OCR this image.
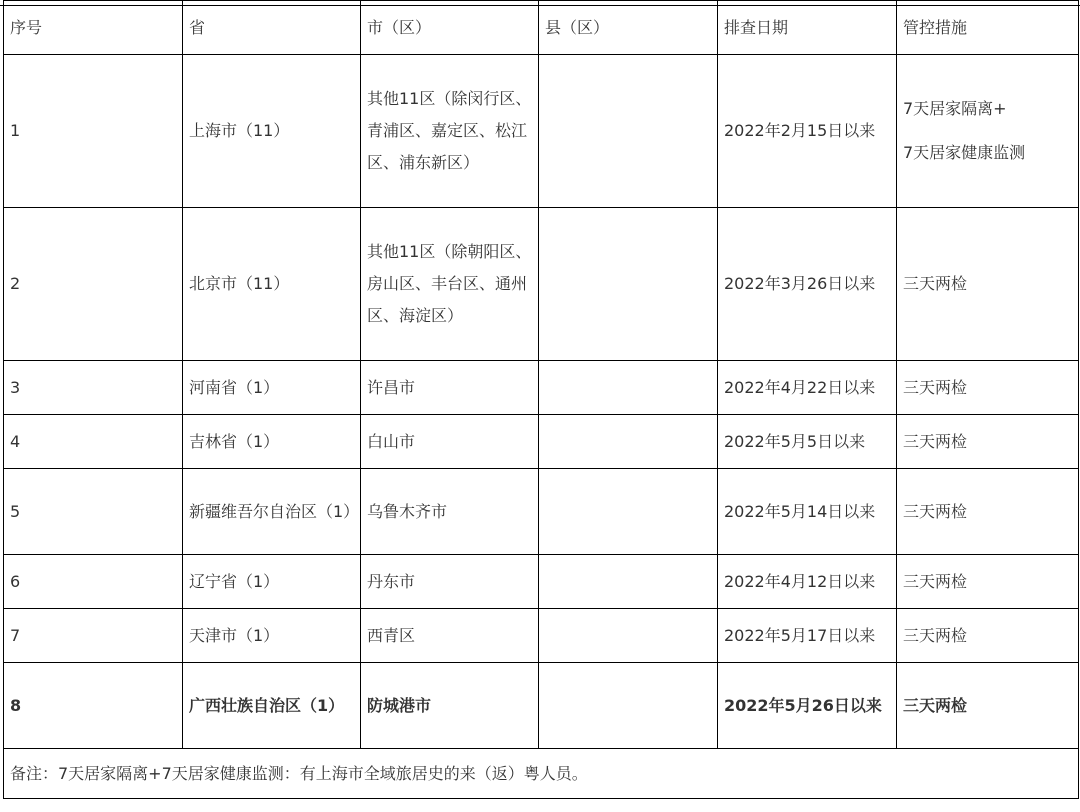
序号	省	市（区）	县（区）	排查日期	管控措施
1	上海市（11）	其他11区（除闵行区、青浦区、嘉定区、松江区、浦东新区）		2022年2月15日以来	7天居家隔离+
7天居家健康监测

2	北京市（11）	其他11区（除朝阳区、房山区、丰台区、通州区、海淀区）		2022年3月26日以来	三天两检
3	河南省（1）	许昌市		2022年4月22日以来	三天两检
4	吉林省（1）	白山市		2022年5月5日以来	三天两检
5	新疆维吾尔自治区（1）	乌鲁木齐市		2022年5月14日以来	三天两检
6	辽宁省（1）	丹东市		2022年4月12日以来	三天两检
7	天津市（1）	西青区		2022年5月17日以来	三天两检
8	广西壮族自治区（1）	防城港市		2022年5月26日以来	三天两检
备注：7天居家隔离+7天居家健康监测：有上海市全域旅居史的来（返）粤人员。					
